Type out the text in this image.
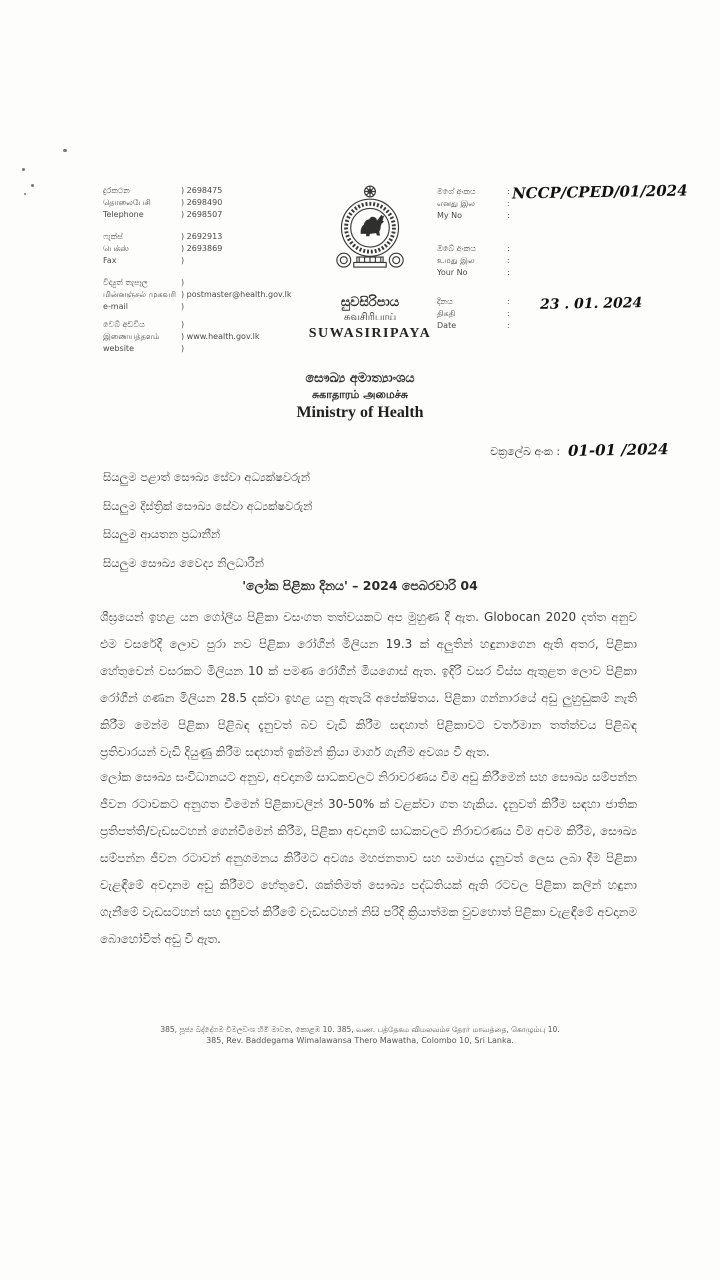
දුරකථන
தொலைபேசி
Telephone
) 2698475
) 2698490
) 2698507
ෆැක්ස්
பெக்ஸ்
Fax
) 2692913
) 2693869
)
විද්‍යුත් තැපෑල
மின்னஞ்சல் முகவரி
e-mail
)
) postmaster@health.gov.lk
)
වෙබ් අඩවිය
இணையத்தளம்
website
)
) www.health.gov.lk
)
සුවසිරිපාය
சுவசிரிபாய்
SUWASIRIPAYA
මගේ අංකය
எனது இல
My No
:
:
:
NCCP/CPED/01/2024
ඔබේ අංකය
உமது இல
Your No
:
:
:
දිනය
திகதி
Date
:
:
:
23 . 01. 2024
සෞඛ්‍ය අමාත්‍යාංශය
சுகாதாரம் அமைச்சு
Ministry of Health
චක්‍රලේඛ අංක : 01-01 /2024
සියලුම පළාත් සෞඛ්‍ය සේවා අධ්‍යක්ෂවරුන්
සියලුම දිස්ත්‍රික් සෞඛ්‍ය සේවා අධ්‍යක්ෂවරුන්
සියලුම ආයතන ප්‍රධානීන්
සියලුම සෞඛ්‍ය වෛද්‍ය නිලධාරීන්
'ලෝක පිළිකා දිනය' – 2024 පෙබරවාරි 04
ශීඝ්‍රයෙන් ඉහළ යන ගෝලීය පිළිකා වසංගත තත්වයකට අප මුහුණ දී ඇත. Globocan 2020 දත්ත අනුව එම වසරේදී ලොව පුරා නව පිළිකා රෝගීන් මිලියන 19.3 ක් අලුතින් හඳුනාගෙන ඇති අතර, පිළිකා හේතුවෙන් වසරකට මිලියන 10 ක් පමණ රෝගීන් මියගොස් ඇත. ඉදිරි වසර විස්ස ඇතුළත ලොව පිළිකා රෝගීන් ගණන මිලියන 28.5 දක්වා ඉහළ යනු ඇතැයි අපේක්ෂිතය. පිළිකා ගන්නාරයේ අඩු ලුහුඬුකම් නැති කිරීම මෙන්ම පිළිකා පිළිබඳ දැනුවත් බව වැඩි කිරීම සඳහාත් පිළිකාවට වර්තමාන තත්ත්වය පිළිබඳ ප්‍රතිචාරයන් වැඩි දියුණු කිරීම සඳහාත් ඉක්මන් ක්‍රියා මාර්ග ගැනීම අවශ්‍ය වී ඇත.
ලෝක සෞඛ්‍ය සංවිධානයට අනුව, අවදානම් සාධකවලට නිරාවරණය වීම අඩු කිරීමෙන් සහ සෞඛ්‍ය සම්පන්න ජීවන රටාවකට අනුගත වීමෙන් පිළිකාවලින් 30-50% ක් වළක්වා ගත හැකිය. දැනුවත් කිරීම සඳහා ජාතික ප්‍රතිපත්ති/වැඩසටහන් ගෙන්වීමෙන් කිරීම, පිළිකා අවදානම් සාධකවලට නිරාවරණය වීම අවම කිරීම, සෞඛ්‍ය සම්පන්න ජීවන රටාවන් අනුගමනය කිරීමට අවශ්‍ය මහජනතාව සහ සමාජය දැනුවත් ලෙස ලබා දීම පිළිකා වැළඳීමේ අවදානම අඩු කිරීමට හේතුවේ. ශක්තිමත් සෞඛ්‍ය පද්ධතියක් ඇති රටවල පිළිකා කලින් හඳුනා ගැනීමේ වැඩසටහන් සහ දැනුවත් කිරීමේ වැඩසටහන් නිසි පරිදි ක්‍රියාත්මක වුවහොත් පිළිකා වැළඳීමේ අවදානම බොහෝවිත් අඩු වී ඇත.
385, පූජ්‍ය බද්දේගම විමලවංශ හිමි මාවත, කොළඹ 10. 385, வண. பத்தேகம விமலவம்ச தேரர் மாவத்தை, கொழும்பு 10.
385, Rev. Baddegama Wimalawansa Thero Mawatha, Colombo 10, Sri Lanka.
